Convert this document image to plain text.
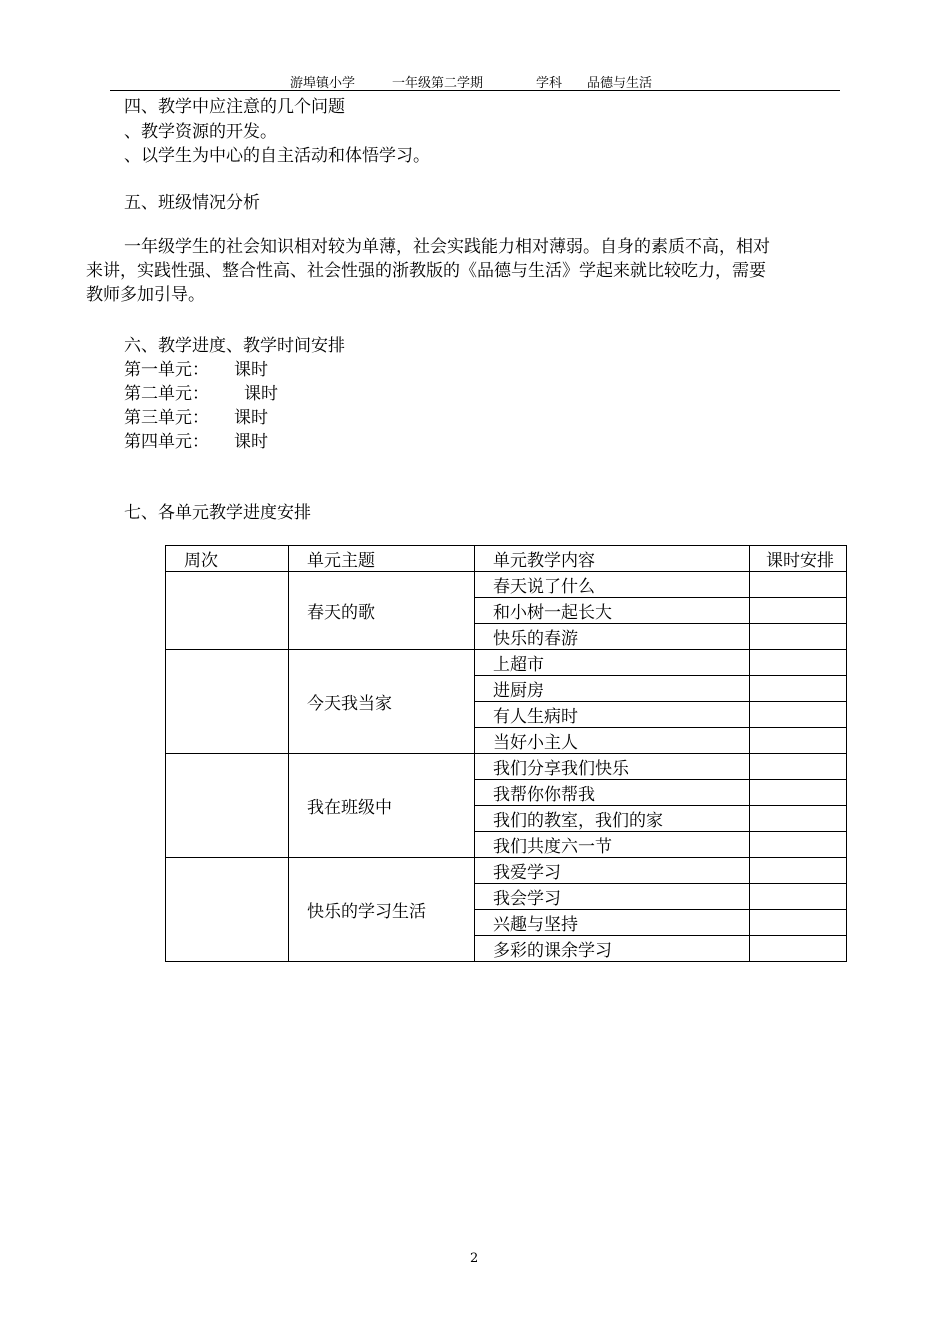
游埠镇小学	一年级第二学期	学科 品德与生活
四、教学中应注意的几个问题
、教学资源的开发。
、以学生为中心的自主活动和体悟学习。
五、班级情况分析
一年级学生的社会知识相对较为单薄，社会实践能力相对薄弱。自身的素质不高，相对
来讲，实践性强、整合性高、社会性强的浙教版的《品德与生活》学起来就比较吃力，需要
教师多加引导。
六、教学进度、教学时间安排
第一单元： 课时
第二单元： 课时
第三单元： 课时
第四单元： 课时
七、各单元教学进度安排
周次	单元主题	单元教学内容	课时安排
	春天的歌	春天说了什么	
		和小树一起长大	
		快乐的春游	
	今天我当家	上超市	
		进厨房	
		有人生病时	
		当好小主人	
	我在班级中	我们分享我们快乐	
		我帮你你帮我	
		我们的教室，我们的家	
		我们共度六一节	
	快乐的学习生活	我爱学习	
		我会学习	
		兴趣与坚持	
		多彩的课余学习	
2
